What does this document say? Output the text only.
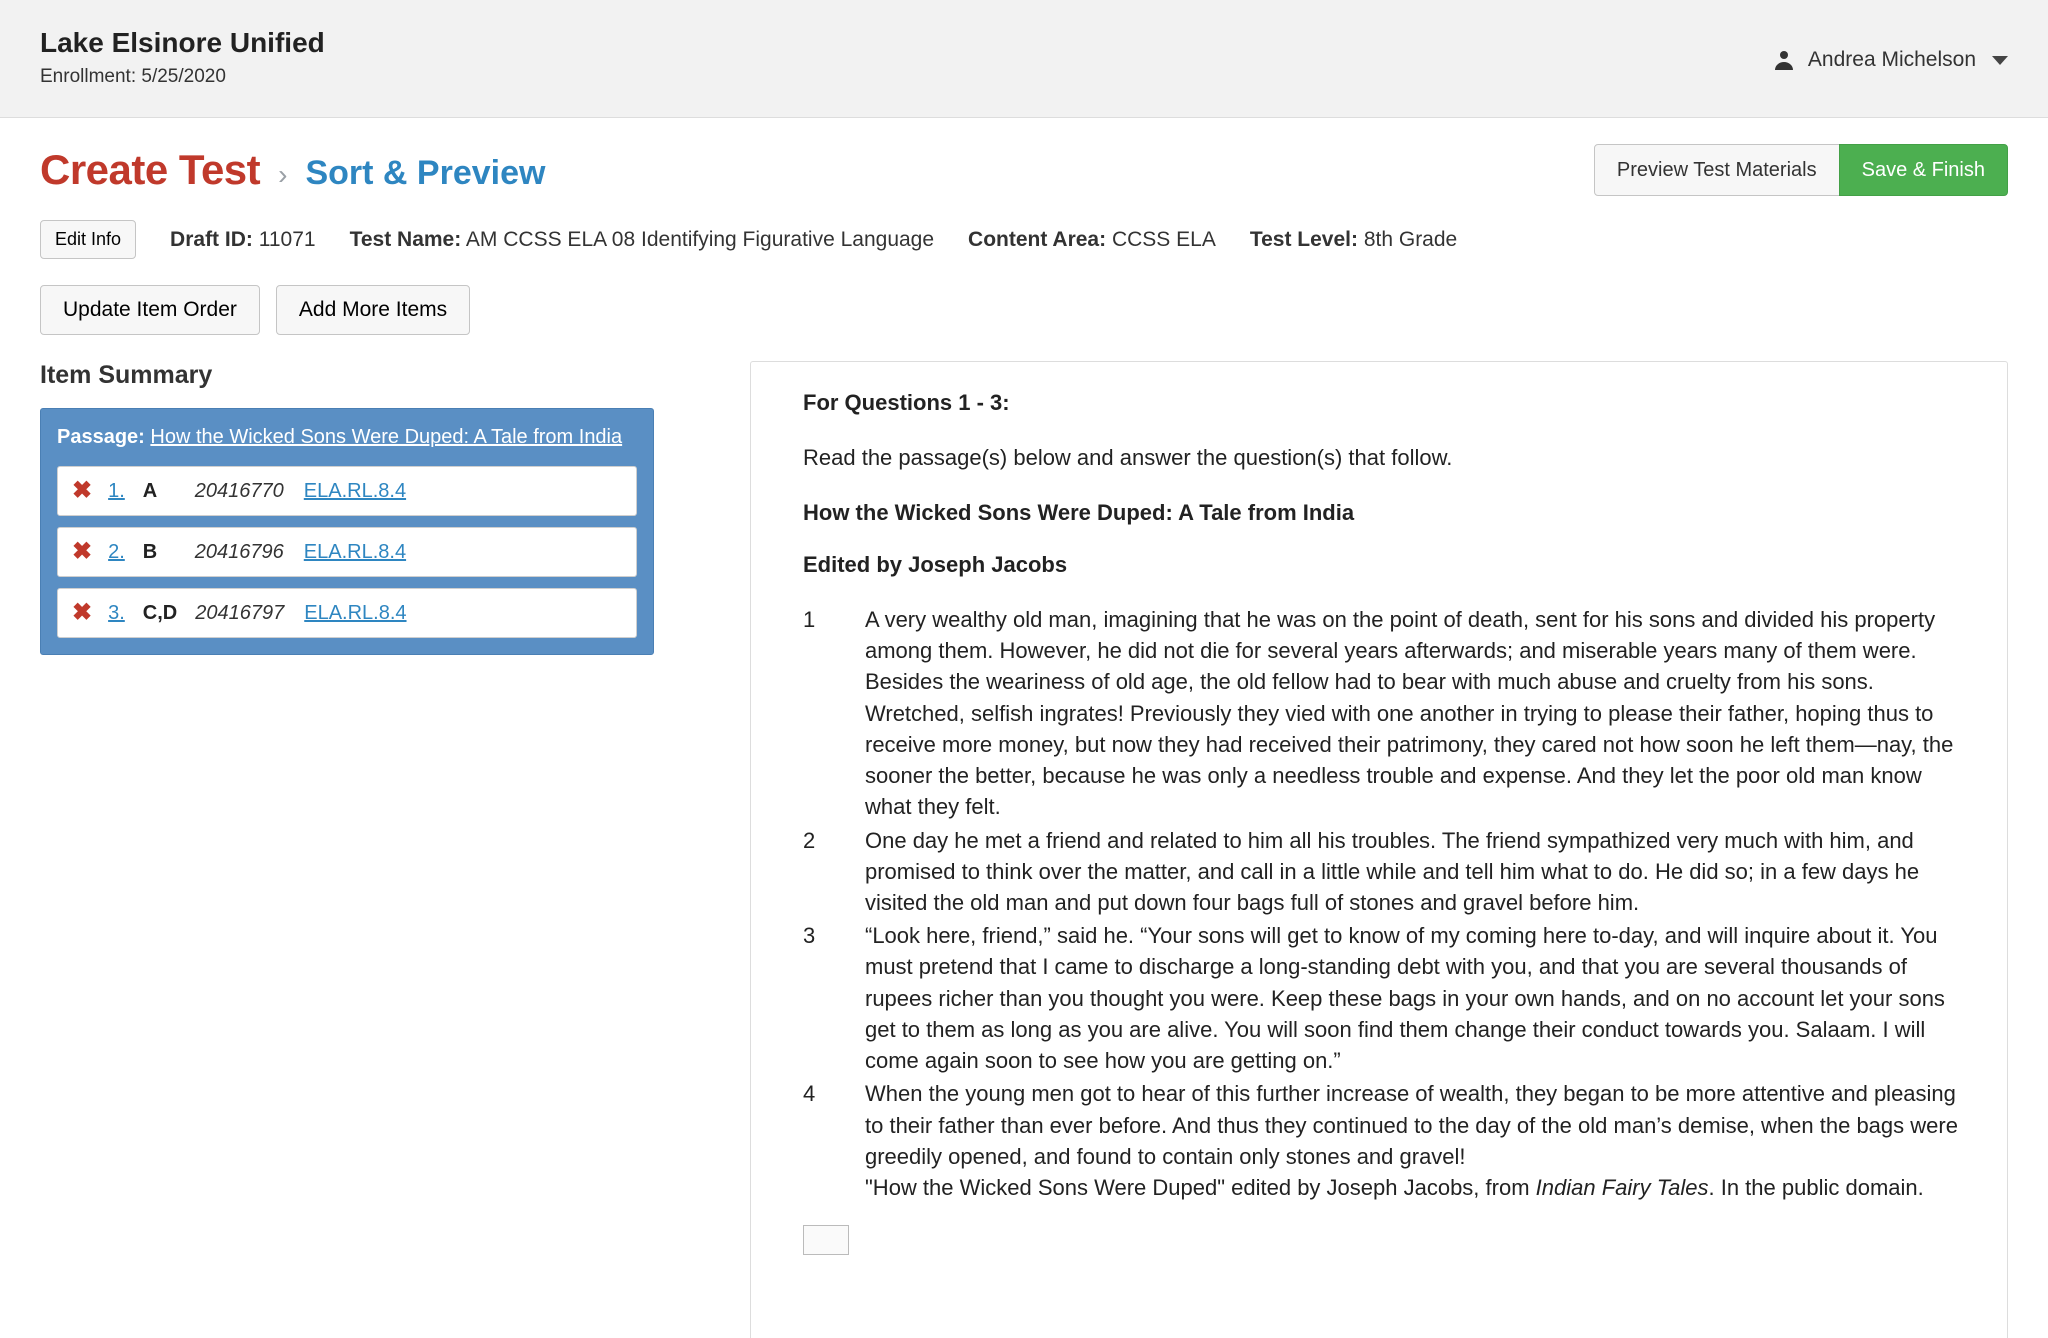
Lake Elsinore Unified
Enrollment: 5/25/2020
Andrea Michelson
Create Test › Sort & Preview	Preview Test Materials	Save & Finish
Edit Info	Draft ID: 11071 Test Name: AM CCSS ELA 08 Identifying Figurative Language Content Area: CCSS ELA Test Level: 8th Grade
Update Item Order	Add More Items
Item Summary
Passage: How the Wicked Sons Were Duped: A Tale from India
✖ 1. A	20416770 ELA.RL.8.4
✖ 2. B	20416796 ELA.RL.8.4
✖ 3. C,D 20416797 ELA.RL.8.4
For Questions 1 - 3:
Read the passage(s) below and answer the question(s) that follow.
How the Wicked Sons Were Duped: A Tale from India
Edited by Joseph Jacobs
1	A very wealthy old man, imagining that he was on the point of death, sent for his sons and divided his property among them. However, he did not die for several years afterwards; and miserable years many of them were. Besides the weariness of old age, the old fellow had to bear with much abuse and cruelty from his sons. Wretched, selfish ingrates! Previously they vied with one another in trying to please their father, hoping thus to receive more money, but now they had received their patrimony, they cared not how soon he left them—nay, the sooner the better, because he was only a needless trouble and expense. And they let the poor old man know what they felt.
2	One day he met a friend and related to him all his troubles. The friend sympathized very much with him, and promised to think over the matter, and call in a little while and tell him what to do. He did so; in a few days he visited the old man and put down four bags full of stones and gravel before him.
3	“Look here, friend,” said he. “Your sons will get to know of my coming here to-day, and will inquire about it. You must pretend that I came to discharge a long-standing debt with you, and that you are several thousands of rupees richer than you thought you were. Keep these bags in your own hands, and on no account let your sons get to them as long as you are alive. You will soon find them change their conduct towards you. Salaam. I will come again soon to see how you are getting on.”
4	When the young men got to hear of this further increase of wealth, they began to be more attentive and pleasing to their father than ever before. And thus they continued to the day of the old man’s demise, when the bags were greedily opened, and found to contain only stones and gravel!
"How the Wicked Sons Were Duped" edited by Joseph Jacobs, from Indian Fairy Tales. In the public domain.
